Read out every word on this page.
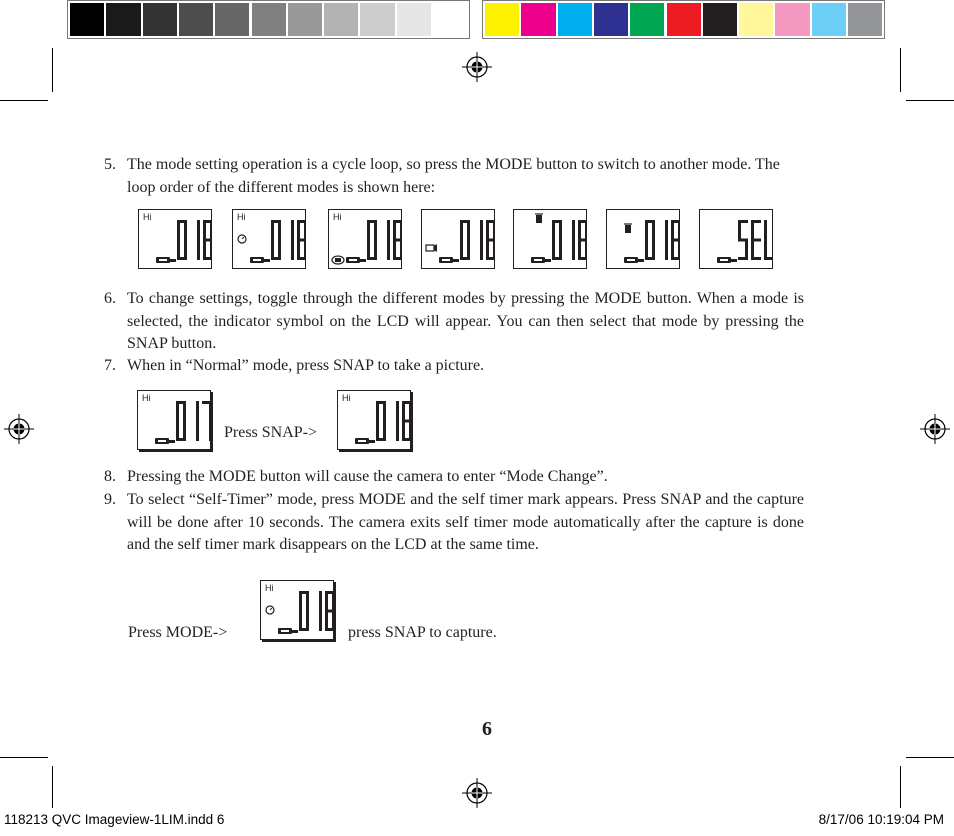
5. The mode setting operation is a cycle loop, so press the MODE button to switch to another mode. The loop order of the different modes is shown here:
Hi	Hi	Hi
6. To change settings, toggle through the different modes by pressing the MODE button. When a mode is selected, the indicator symbol on the LCD will appear. You can then select that mode by pressing the SNAP button.
7. When in “Normal” mode, press SNAP to take a picture.
Hi
Press SNAP->
Hi
8. Pressing the MODE button will cause the camera to enter “Mode Change”.
9. To select “Self-Timer” mode, press MODE and the self timer mark appears. Press SNAP and the capture will be done after 10 seconds. The camera exits self timer mode automatically after the capture is done and the self timer mark disappears on the LCD at the same time.
Press MODE->
Hi
press SNAP to capture.
6
118213 QVC Imageview-1LIM.indd 6	8/17/06 10:19:04 PM
